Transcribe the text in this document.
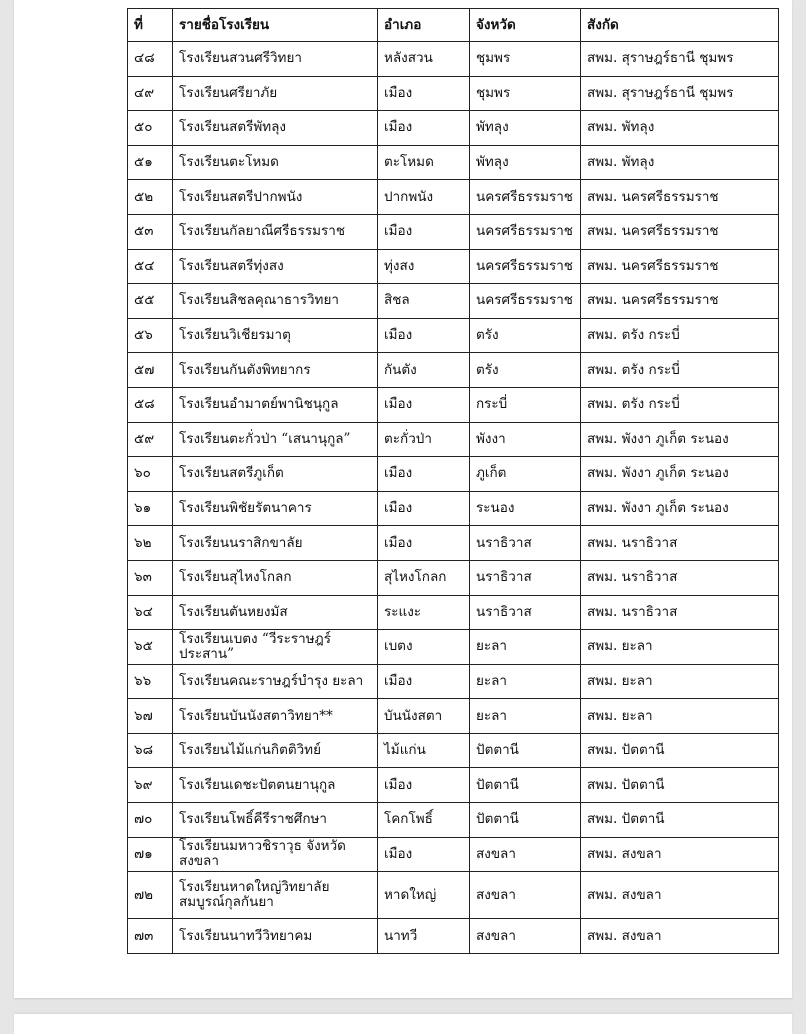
ที่	รายชื่อโรงเรียน	อำเภอ	จังหวัด	สังกัด
๔๘	โรงเรียนสวนศรีวิทยา	หลังสวน	ชุมพร	สพม. สุราษฎร์ธานี ชุมพร
๔๙	โรงเรียนศรียาภัย	เมือง	ชุมพร	สพม. สุราษฎร์ธานี ชุมพร
๕๐	โรงเรียนสตรีพัทลุง	เมือง	พัทลุง	สพม. พัทลุง
๕๑	โรงเรียนตะโหมด	ตะโหมด	พัทลุง	สพม. พัทลุง
๕๒	โรงเรียนสตรีปากพนัง	ปากพนัง	นครศรีธรรมราช	สพม. นครศรีธรรมราช
๕๓	โรงเรียนกัลยาณีศรีธรรมราช	เมือง	นครศรีธรรมราช	สพม. นครศรีธรรมราช
๕๔	โรงเรียนสตรีทุ่งสง	ทุ่งสง	นครศรีธรรมราช	สพม. นครศรีธรรมราช
๕๕	โรงเรียนสิชลคุณาธารวิทยา	สิชล	นครศรีธรรมราช	สพม. นครศรีธรรมราช
๕๖	โรงเรียนวิเชียรมาตุ	เมือง	ตรัง	สพม. ตรัง กระบี่
๕๗	โรงเรียนกันตังพิทยากร	กันตัง	ตรัง	สพม. ตรัง กระบี่
๕๘	โรงเรียนอำมาตย์พานิชนุกูล	เมือง	กระบี่	สพม. ตรัง กระบี่
๕๙	โรงเรียนตะกั่วป่า “เสนานุกูล”	ตะกั่วป่า	พังงา	สพม. พังงา ภูเก็ต ระนอง
๖๐	โรงเรียนสตรีภูเก็ต	เมือง	ภูเก็ต	สพม. พังงา ภูเก็ต ระนอง
๖๑	โรงเรียนพิชัยรัตนาคาร	เมือง	ระนอง	สพม. พังงา ภูเก็ต ระนอง
๖๒	โรงเรียนนราสิกขาลัย	เมือง	นราธิวาส	สพม. นราธิวาส
๖๓	โรงเรียนสุไหงโกลก	สุไหงโกลก	นราธิวาส	สพม. นราธิวาส
๖๔	โรงเรียนตันหยงมัส	ระแงะ	นราธิวาส	สพม. นราธิวาส
๖๕	โรงเรียนเบตง “วีระราษฎร์ประสาน”	เบตง	ยะลา	สพม. ยะลา
๖๖	โรงเรียนคณะราษฎร์บำรุง ยะลา	เมือง	ยะลา	สพม. ยะลา
๖๗	โรงเรียนบันนังสตาวิทยา**	บันนังสตา	ยะลา	สพม. ยะลา
๖๘	โรงเรียนไม้แก่นกิตติวิทย์	ไม้แก่น	ปัตตานี	สพม. ปัตตานี
๖๙	โรงเรียนเดชะปัตตนยานุกูล	เมือง	ปัตตานี	สพม. ปัตตานี
๗๐	โรงเรียนโพธิ์คีรีราชศึกษา	โคกโพธิ์	ปัตตานี	สพม. ปัตตานี
๗๑	โรงเรียนมหาวชิราวุธ จังหวัดสงขลา	เมือง	สงขลา	สพม. สงขลา
๗๒	โรงเรียนหาดใหญ่วิทยาลัยสมบูรณ์กุลกันยา	หาดใหญ่	สงขลา	สพม. สงขลา
๗๓	โรงเรียนนาทวีวิทยาคม	นาทวี	สงขลา	สพม. สงขลา
